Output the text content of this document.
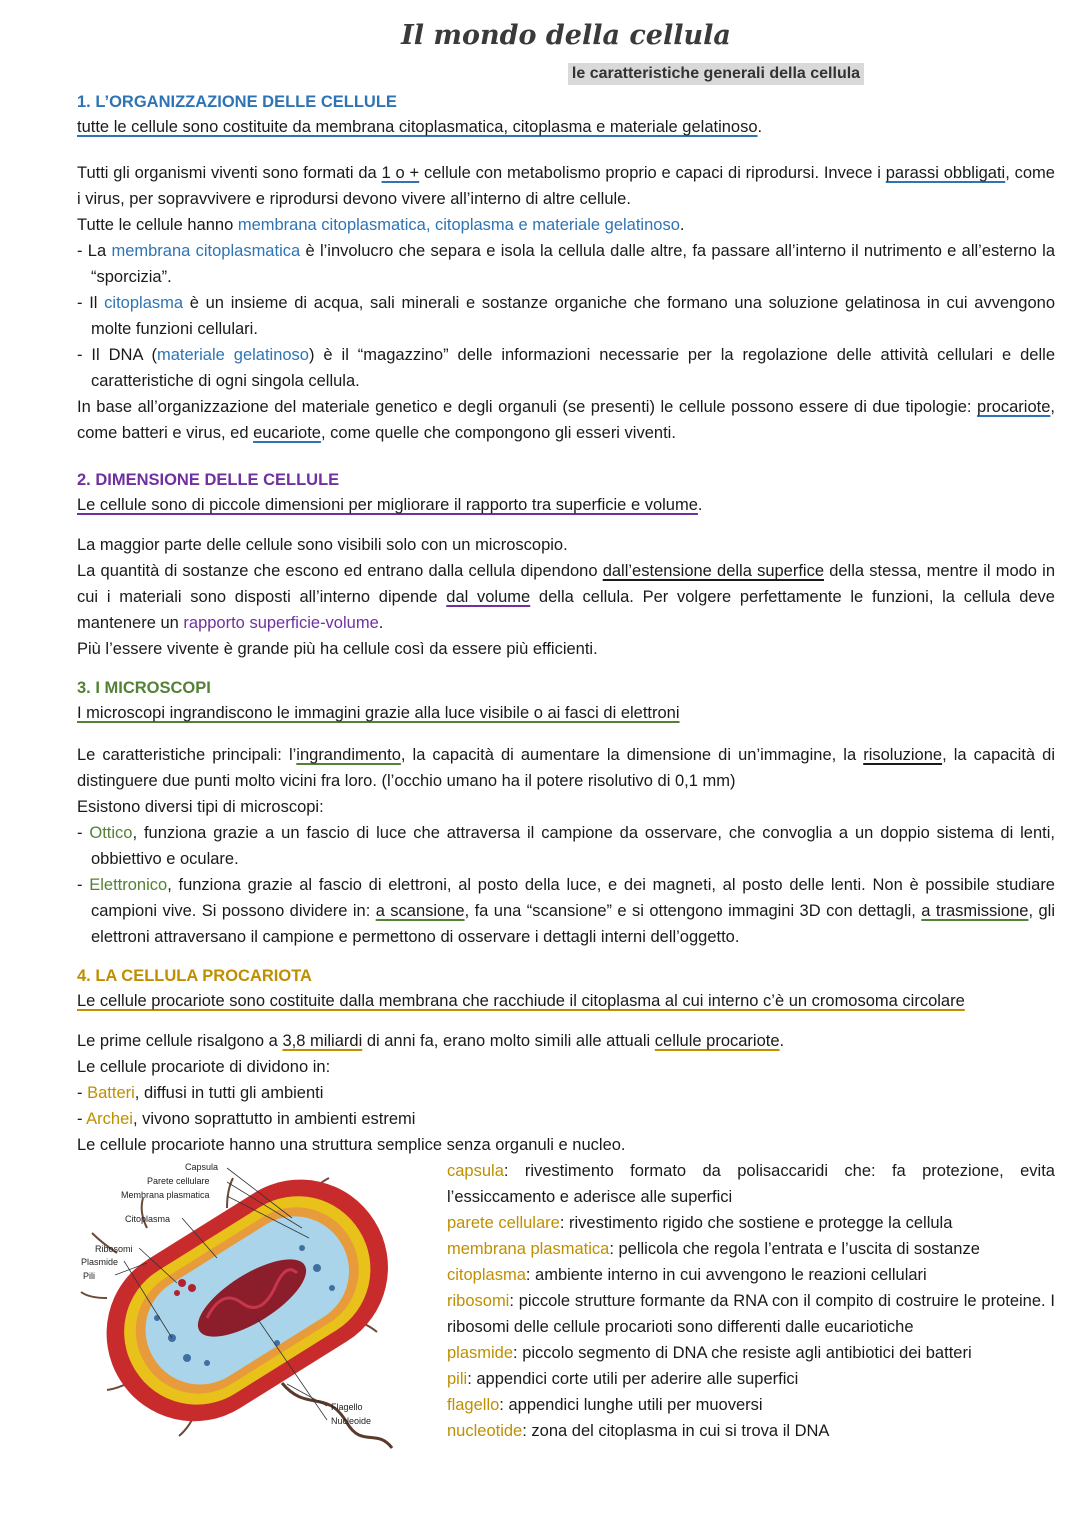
Il mondo della cellula
le caratteristiche generali della cellula
1. L’ORGANIZZAZIONE DELLE CELLULE

tutte le cellule sono costituite da membrana citoplasmatica, citoplasma e materiale gelatinoso.

Tutti gli organismi viventi sono formati da 1 o + cellule con metabolismo proprio e capaci di riprodursi. Invece i parassi obbligati, come i virus, per sopravvivere e riprodursi devono vivere all’interno di altre cellule.

Tutte le cellule hanno membrana citoplasmatica, citoplasma e materiale gelatinoso.

- La membrana citoplasmatica è l’involucro che separa e isola la cellula dalle altre, fa passare all’interno il nutrimento e all’esterno la “sporcizia”.

- Il citoplasma è un insieme di acqua, sali minerali e sostanze organiche che formano una soluzione gelatinosa in cui avvengono molte funzioni cellulari.

- Il DNA (materiale gelatinoso) è il “magazzino” delle informazioni necessarie per la regolazione delle attività cellulari e delle caratteristiche di ogni singola cellula.

In base all’organizzazione del materiale genetico e degli organuli (se presenti) le cellule possono essere di due tipologie: procariote, come batteri e virus, ed eucariote, come quelle che compongono gli esseri viventi.

2. DIMENSIONE DELLE CELLULE

Le cellule sono di piccole dimensioni per migliorare il rapporto tra superficie e volume.

La maggior parte delle cellule sono visibili solo con un microscopio.

La quantità di sostanze che escono ed entrano dalla cellula dipendono dall’estensione della superfice della stessa, mentre il modo in cui i materiali sono disposti all’interno dipende dal volume della cellula. Per volgere perfettamente le funzioni, la cellula deve mantenere un rapporto superficie-volume.

Più l’essere vivente è grande più ha cellule così da essere più efficienti.

3. I MICROSCOPI

I microscopi ingrandiscono le immagini grazie alla luce visibile o ai fasci di elettroni

Le caratteristiche principali: l’ingrandimento, la capacità di aumentare la dimensione di un’immagine, la risoluzione, la capacità di distinguere due punti molto vicini fra loro. (l’occhio umano ha il potere risolutivo di 0,1 mm)

Esistono diversi tipi di microscopi:

- Ottico, funziona grazie a un fascio di luce che attraversa il campione da osservare, che convoglia a un doppio sistema di lenti, obbiettivo e oculare.

- Elettronico, funziona grazie al fascio di elettroni, al posto della luce, e dei magneti, al posto delle lenti. Non è possibile studiare campioni vive. Si possono dividere in: a scansione, fa una “scansione” e si ottengono immagini 3D con dettagli, a trasmissione, gli elettroni attraversano il campione e permettono di osservare i dettagli interni dell’oggetto.

4. LA CELLULA PROCARIOTA

Le cellule procariote sono costituite dalla membrana che racchiude il citoplasma al cui interno c’è un cromosoma circolare

Le prime cellule risalgono a 3,8 miliardi di anni fa, erano molto simili alle attuali cellule procariote.

Le cellule procariote di dividono in:

- Batteri, diffusi in tutti gli ambienti

- Archei, vivono soprattutto in ambienti estremi

Le cellule procariote hanno una struttura semplice senza organuli e nucleo.

Capsula
Parete cellulare
Membrana plasmatica
Citoplasma
Ribosomi
Plasmide
Pili
Flagello
Nucleoide

capsula: rivestimento formato da polisaccaridi che: fa protezione, evita l’essiccamento e aderisce alle superfici

parete cellulare: rivestimento rigido che sostiene e protegge la cellula

membrana plasmatica: pellicola che regola l’entrata e l’uscita di sostanze

citoplasma: ambiente interno in cui avvengono le reazioni cellulari

ribosomi: piccole strutture formante da RNA con il compito di costruire le proteine. I ribosomi delle cellule procarioti sono differenti dalle eucariotiche

plasmide: piccolo segmento di DNA che resiste agli antibiotici dei batteri

pili: appendici corte utili per aderire alle superfici

flagello: appendici lunghe utili per muoversi

nucleotide: zona del citoplasma in cui si trova il DNA
